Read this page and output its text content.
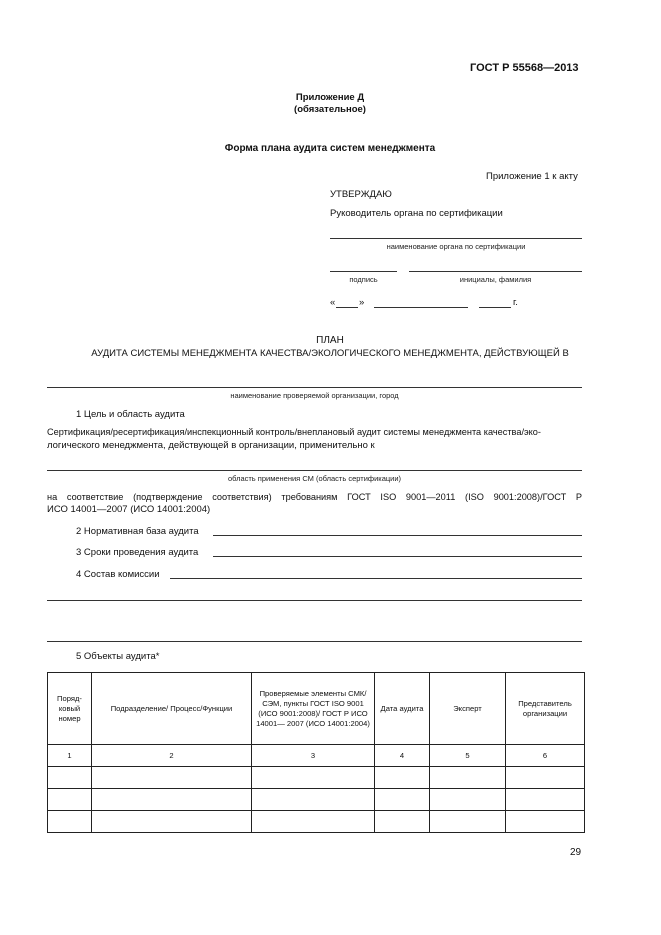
ГОСТ Р 55568—2013
Приложение Д
(обязательное)
Форма плана аудита систем менеджмента
Приложение 1 к акту
УТВЕРЖДАЮ
Руководитель органа по сертификации
наименование органа по сертификации
подпись	инициалы, фамилия
« »	г.
ПЛАН
АУДИТА СИСТЕМЫ МЕНЕДЖМЕНТА КАЧЕСТВА/ЭКОЛОГИЧЕСКОГО МЕНЕДЖМЕНТА, ДЕЙСТВУЮЩЕЙ В
наименование проверяемой организации, город
1 Цель и область аудита
Сертификация/ресертификация/инспекционный контроль/внеплановый аудит системы менеджмента качества/эко-
логического менеджмента, действующей в организации, применительно к
область применения СМ (область сертификации)
на соответствие (подтверждение соответствия) требованиям ГОСТ ISO 9001—2011 (ISO 9001:2008)/ГОСТ Р
ИСО 14001—2007 (ИСО 14001:2004)
2 Нормативная база аудита
3 Сроки проведения аудита
4 Состав комиссии
5 Объекты аудита*
Поряд-ковый номер	Подразделение/ Процесс/Функции	Проверяемые элементы СМК/СЭМ, пункты ГОСТ ISO 9001 (ИСО 9001:2008)/ ГОСТ Р ИСО 14001— 2007 (ИСО 14001:2004)	Дата аудита	Эксперт	Представитель организации
1	2	3	4	5	6

29
